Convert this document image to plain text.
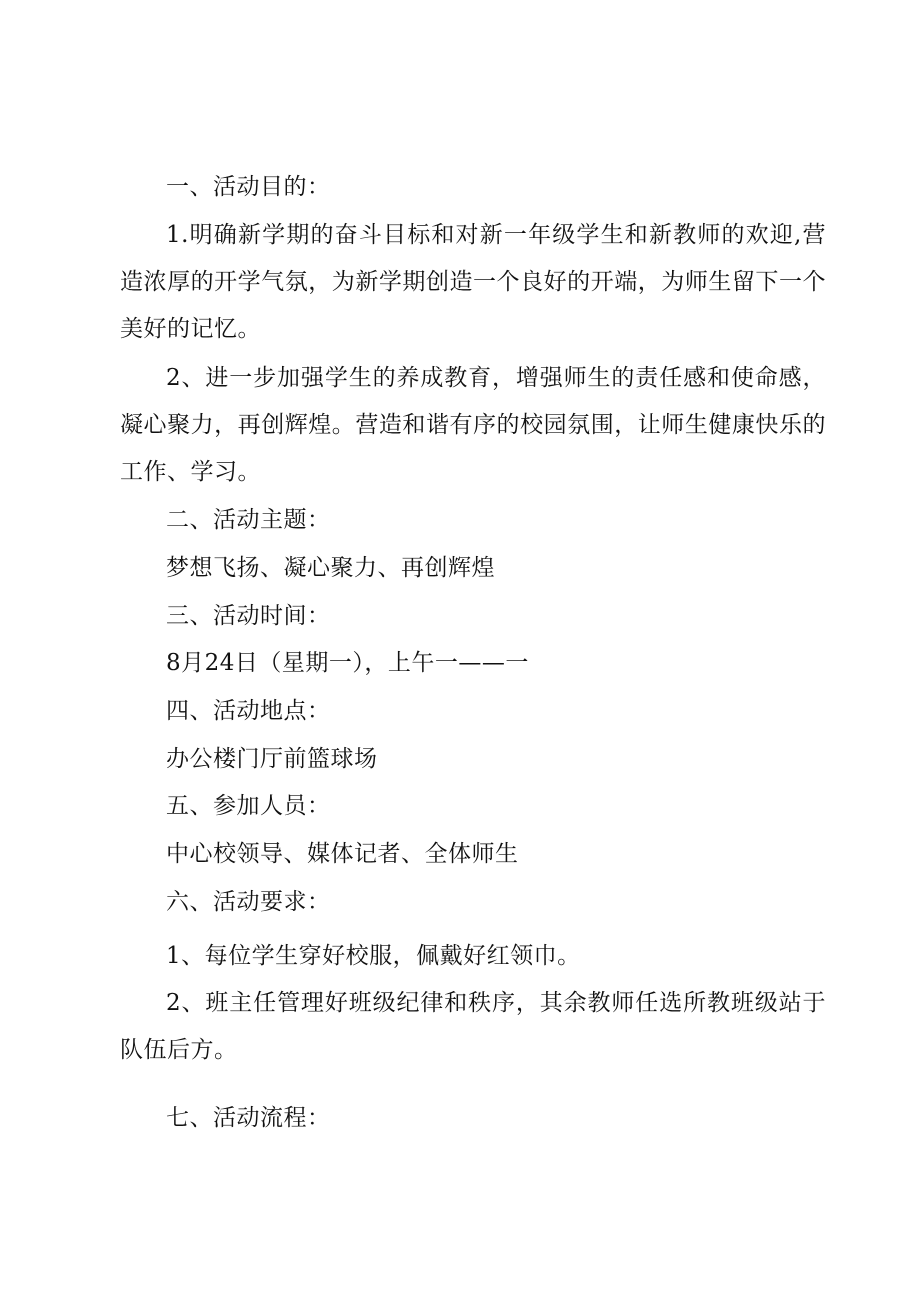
一、活动目的：

1.明确新学期的奋斗目标和对新一年级学生和新教师的欢迎,营造浓厚的开学气氛，为新学期创造一个良好的开端，为师生留下一个美好的记忆。

2、进一步加强学生的养成教育，增强师生的责任感和使命感，凝心聚力，再创辉煌。营造和谐有序的校园氛围，让师生健康快乐的工作、学习。

二、活动主题：

梦想飞扬、凝心聚力、再创辉煌

三、活动时间：

8月24日（星期一），上午一——一

四、活动地点：

办公楼门厅前篮球场

五、参加人员：

中心校领导、媒体记者、全体师生

六、活动要求：

1、每位学生穿好校服，佩戴好红领巾。

2、班主任管理好班级纪律和秩序，其余教师任选所教班级站于队伍后方。

七、活动流程：
